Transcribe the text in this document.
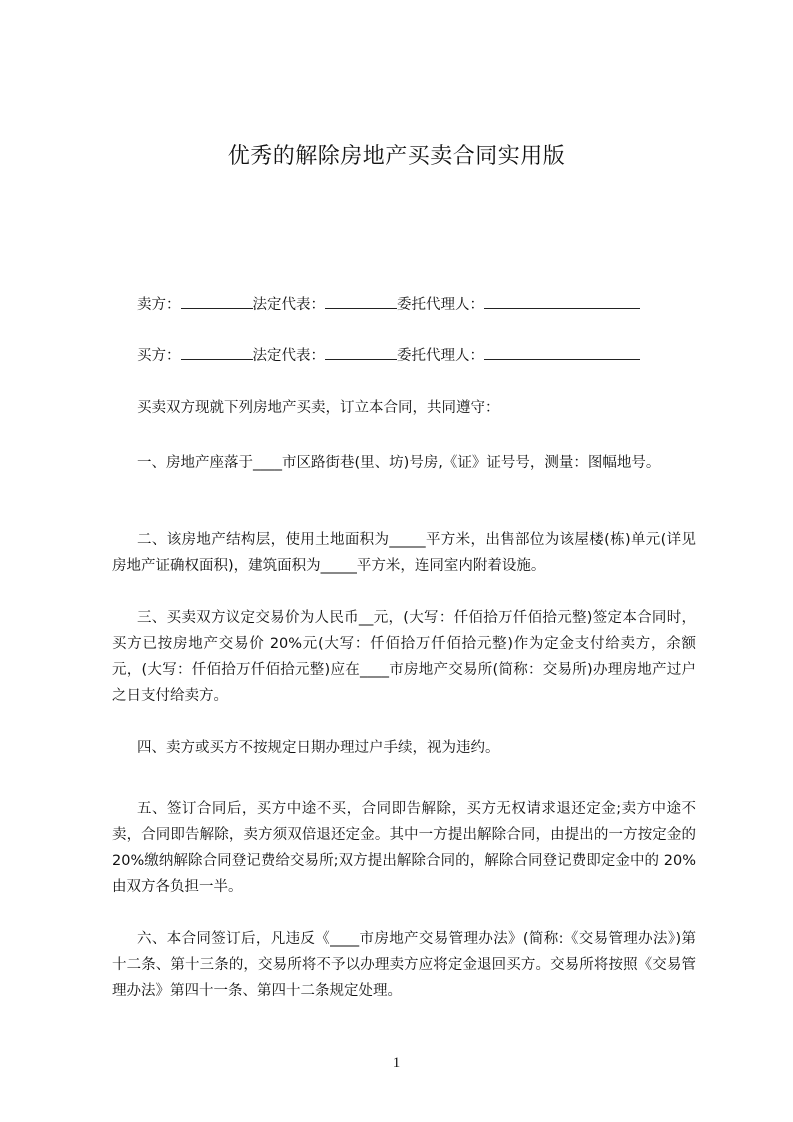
优秀的解除房地产买卖合同实用版
卖方：	法定代表：	委托代理人：
买方：	法定代表：	委托代理人：
买卖双方现就下列房地产买卖，订立本合同，共同遵守：
一、房地产座落于____市区路街巷(里、坊)号房,《证》证号号，测量：图幅地号。
二、该房地产结构层，使用土地面积为_____平方米，出售部位为该屋楼(栋)单元(详见房地产证确权面积)，建筑面积为_____平方米，连同室内附着设施。
三、买卖双方议定交易价为人民币__元，(大写：仟佰拾万仟佰拾元整)签定本合同时，买方已按房地产交易价 20%元(大写：仟佰拾万仟佰拾元整)作为定金支付给卖方，余额元，(大写：仟佰拾万仟佰拾元整)应在____市房地产交易所(简称：交易所)办理房地产过户之日支付给卖方。
四、卖方或买方不按规定日期办理过户手续，视为违约。
五、签订合同后，买方中途不买，合同即告解除，买方无权请求退还定金;卖方中途不卖，合同即告解除，卖方须双倍退还定金。其中一方提出解除合同，由提出的一方按定金的 20%缴纳解除合同登记费给交易所;双方提出解除合同的，解除合同登记费即定金中的 20%由双方各负担一半。
六、本合同签订后，凡违反《____市房地产交易管理办法》(简称:《交易管理办法》)第十二条、第十三条的，交易所将不予以办理卖方应将定金退回买方。交易所将按照《交易管理办法》第四十一条、第四十二条规定处理。
1
